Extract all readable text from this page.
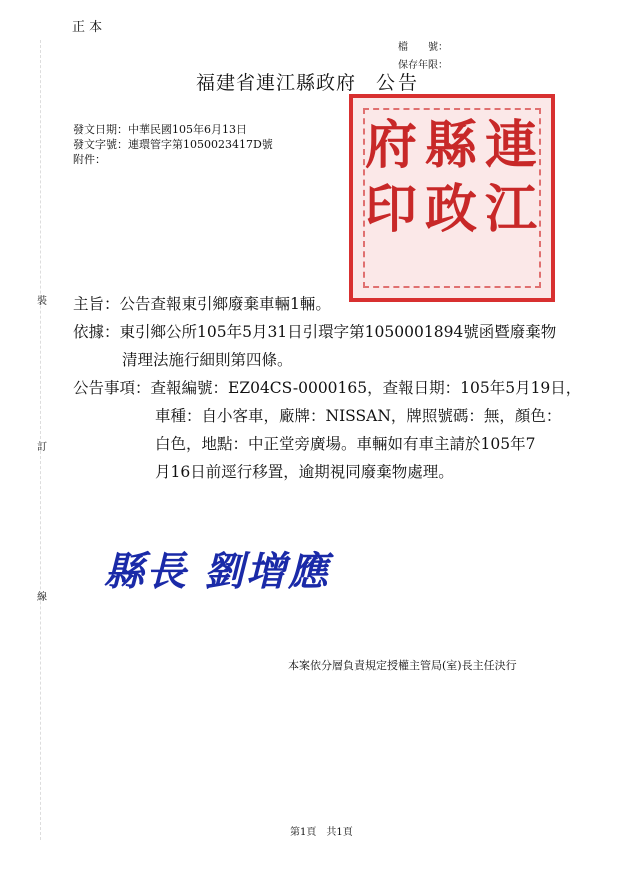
正 本
檔　　號：
保存年限：
福建省連江縣政府 公告
發文日期：中華民國105年6月13日
發文字號：連環管字第1050023417D號
附件：	連
江
縣
政
府
印
裝
訂
線
主旨：公告查報東引鄉廢棄車輛1輛。
依據：東引鄉公所105年5月31日引環字第1050001894號函暨廢棄物
清理法施行細則第四條。
公告事項：查報編號：EZ04CS-0000165，查報日期：105年5月19日，
車種：自小客車，廠牌：NISSAN，牌照號碼：無，顏色：
白色，地點：中正堂旁廣場。車輛如有車主請於105年7
月16日前逕行移置，逾期視同廢棄物處理。
縣長 劉增應
本案依分層負責規定授權主管局(室)長主任決行
第1頁　共1頁
